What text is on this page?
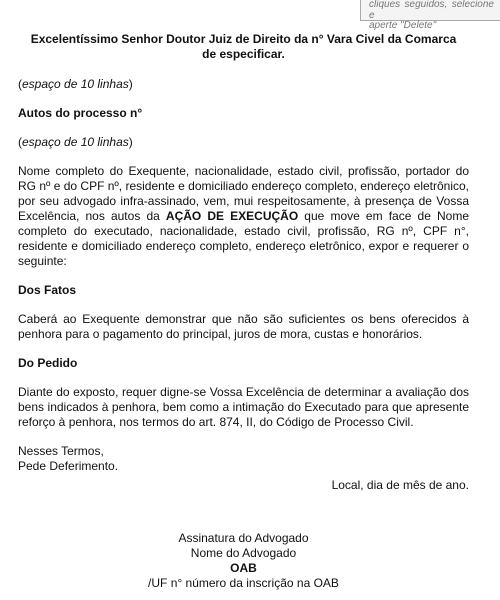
cliques seguidos, selecione e
aperte "Delete"
Excelentíssimo Senhor Doutor Juiz de Direito da n° Vara Civel da Comarca
de especificar.

(espaço de 10 linhas)

Autos do processo n°

(espaço de 10 linhas)

Nome completo do Exequente, nacionalidade, estado civil, profissão, portador do RG nº e do CPF nº, residente e domiciliado endereço completo, endereço eletrônico, por seu advogado infra-assinado, vem, mui respeitosamente, à presença de Vossa Excelência, nos autos da AÇÃO DE EXECUÇÃO que move em face de Nome completo do executado, nacionalidade, estado civil, profissão, RG nº, CPF n°, residente e domiciliado endereço completo, endereço eletrônico, expor e requerer o seguinte:

Dos Fatos

Caberá ao Exequente demonstrar que não são suficientes os bens oferecidos à penhora para o pagamento do principal, juros de mora, custas e honorários.

Do Pedido

Diante do exposto, requer digne-se Vossa Excelência de determinar a avaliação dos bens indicados à penhora, bem como a intimação do Executado para que apresente reforço à penhora, nos termos do art. 874, II, do Código de Processo Civil.

Nesses Termos,
Pede Deferimento.

Local, dia de mês de ano.

Assinatura do Advogado
Nome do Advogado
OAB
/UF n° número da inscrição na OAB
